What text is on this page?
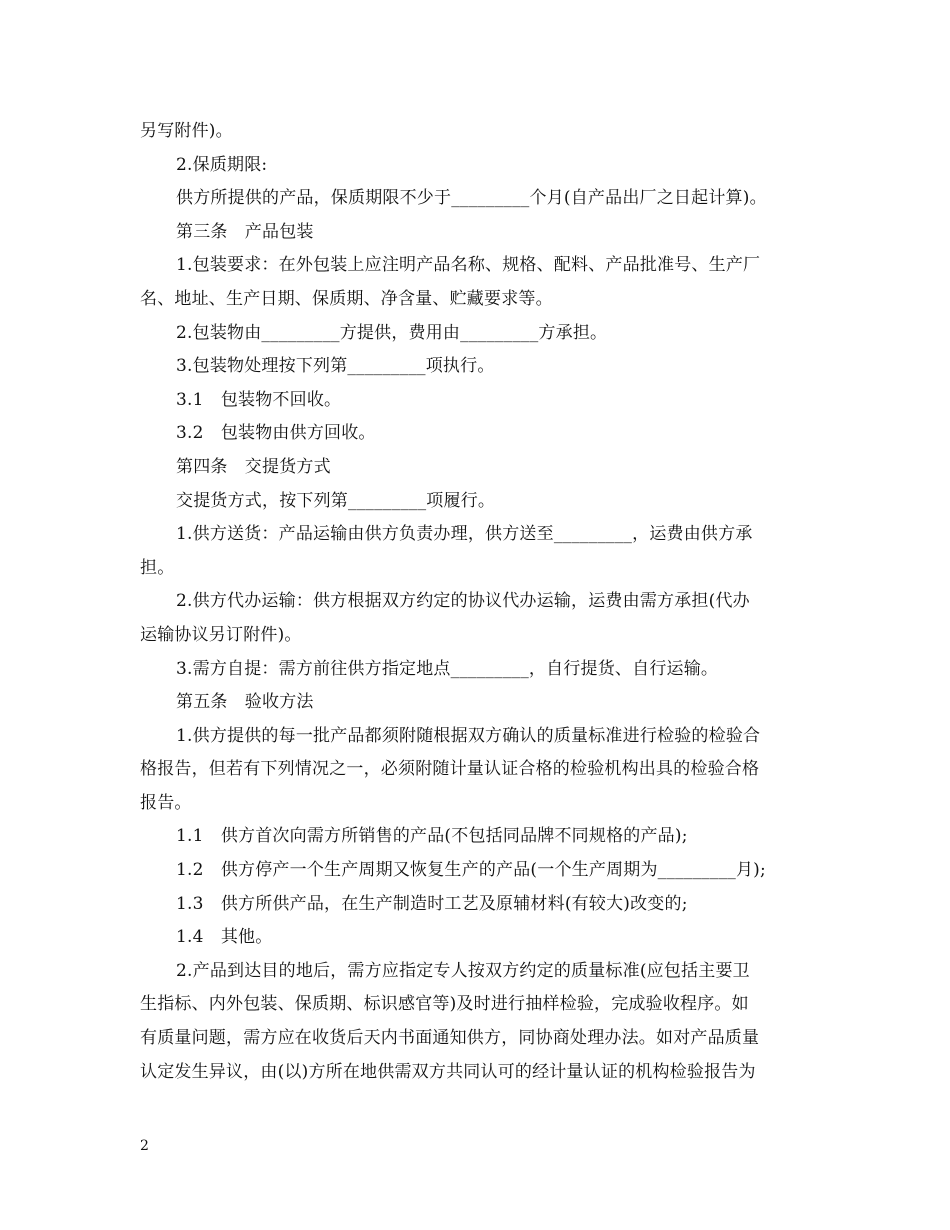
另写附件)。
2.保质期限:
供方所提供的产品，保质期限不少于_________个月(自产品出厂之日起计算)。
第三条　产品包装
1.包装要求：在外包装上应注明产品名称、规格、配料、产品批准号、生产厂
名、地址、生产日期、保质期、净含量、贮藏要求等。
2.包装物由_________方提供，费用由_________方承担。
3.包装物处理按下列第_________项执行。
3.1　包装物不回收。
3.2　包装物由供方回收。
第四条　交提货方式
交提货方式，按下列第_________项履行。
1.供方送货：产品运输由供方负责办理，供方送至_________，运费由供方承
担。
2.供方代办运输：供方根据双方约定的协议代办运输，运费由需方承担(代办
运输协议另订附件)。
3.需方自提：需方前往供方指定地点_________，自行提货、自行运输。
第五条　验收方法
1.供方提供的每一批产品都须附随根据双方确认的质量标准进行检验的检验合
格报告，但若有下列情况之一，必须附随计量认证合格的检验机构出具的检验合格
报告。
1.1　供方首次向需方所销售的产品(不包括同品牌不同规格的产品);
1.2　供方停产一个生产周期又恢复生产的产品(一个生产周期为_________月);
1.3　供方所供产品，在生产制造时工艺及原辅材料(有较大)改变的;
1.4　其他。
2.产品到达目的地后，需方应指定专人按双方约定的质量标准(应包括主要卫
生指标、内外包装、保质期、标识感官等)及时进行抽样检验，完成验收程序。如
有质量问题，需方应在收货后天内书面通知供方，同协商处理办法。如对产品质量
认定发生异议，由(以)方所在地供需双方共同认可的经计量认证的机构检验报告为
2
